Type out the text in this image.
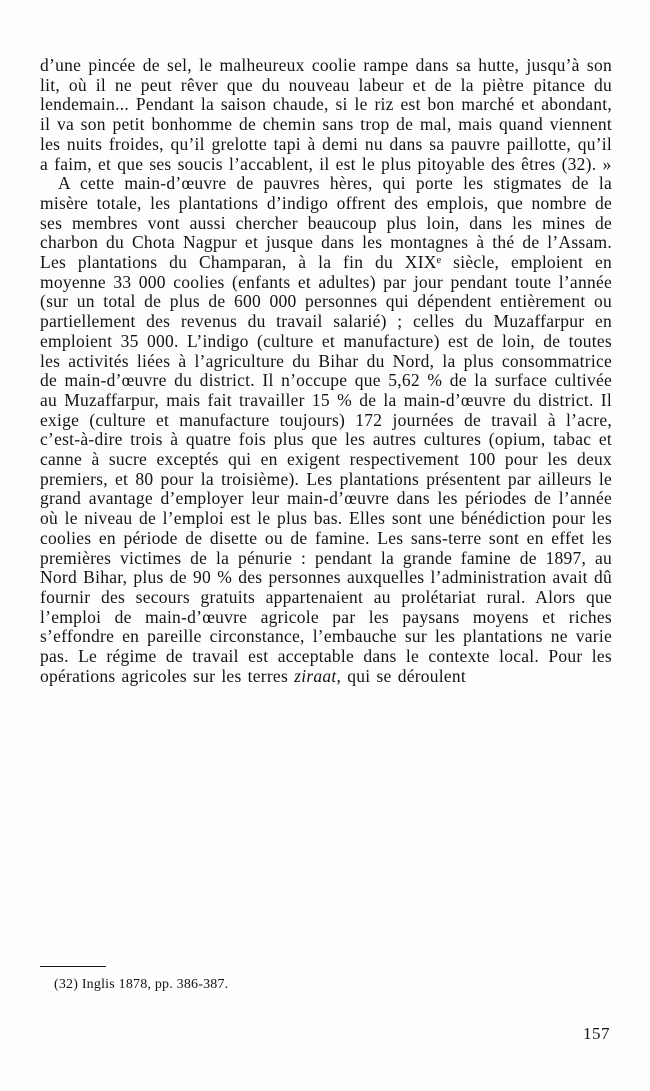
d’une pincée de sel, le malheureux coolie rampe dans sa hutte, jusqu’à son lit, où il ne peut rêver que du nouveau labeur et de la piètre pitance du lendemain... Pendant la saison chaude, si le riz est bon marché et abondant, il va son petit bonhomme de chemin sans trop de mal, mais quand viennent les nuits froides, qu’il grelotte tapi à demi nu dans sa pauvre paillotte, qu’il a faim, et que ses soucis l’accablent, il est le plus pitoyable des êtres (32). »

A cette main-d’œuvre de pauvres hères, qui porte les stigmates de la misère totale, les plantations d’indigo offrent des emplois, que nombre de ses membres vont aussi chercher beaucoup plus loin, dans les mines de charbon du Chota Nagpur et jusque dans les montagnes à thé de l’Assam. Les plantations du Champaran, à la fin du XIXᵉ siècle, emploient en moyenne 33 000 coolies (enfants et adultes) par jour pendant toute l’année (sur un total de plus de 600 000 personnes qui dépendent entièrement ou partiellement des revenus du travail salarié) ; celles du Muzaffarpur en emploient 35 000. L’indigo (culture et manufacture) est de loin, de toutes les activités liées à l’agriculture du Bihar du Nord, la plus consommatrice de main-d’œuvre du district. Il n’occupe que 5,62 % de la surface cultivée au Muzaffarpur, mais fait travailler 15 % de la main-d’œuvre du district. Il exige (culture et manufacture toujours) 172 journées de travail à l’acre, c’est-à-dire trois à quatre fois plus que les autres cultures (opium, tabac et canne à sucre exceptés qui en exigent respectivement 100 pour les deux premiers, et 80 pour la troisième). Les plantations présentent par ailleurs le grand avantage d’employer leur main-d’œuvre dans les périodes de l’année où le niveau de l’emploi est le plus bas. Elles sont une bénédiction pour les coolies en période de disette ou de famine. Les sans-terre sont en effet les premières victimes de la pénurie : pendant la grande famine de 1897, au Nord Bihar, plus de 90 % des personnes auxquelles l’administration avait dû fournir des secours gratuits appartenaient au prolétariat rural. Alors que l’emploi de main-d’œuvre agricole par les paysans moyens et riches s’effondre en pareille circonstance, l’embauche sur les plantations ne varie pas. Le régime de travail est acceptable dans le contexte local. Pour les opérations agricoles sur les terres ziraat, qui se déroulent

(32) Inglis 1878, pp. 386-387.

157
